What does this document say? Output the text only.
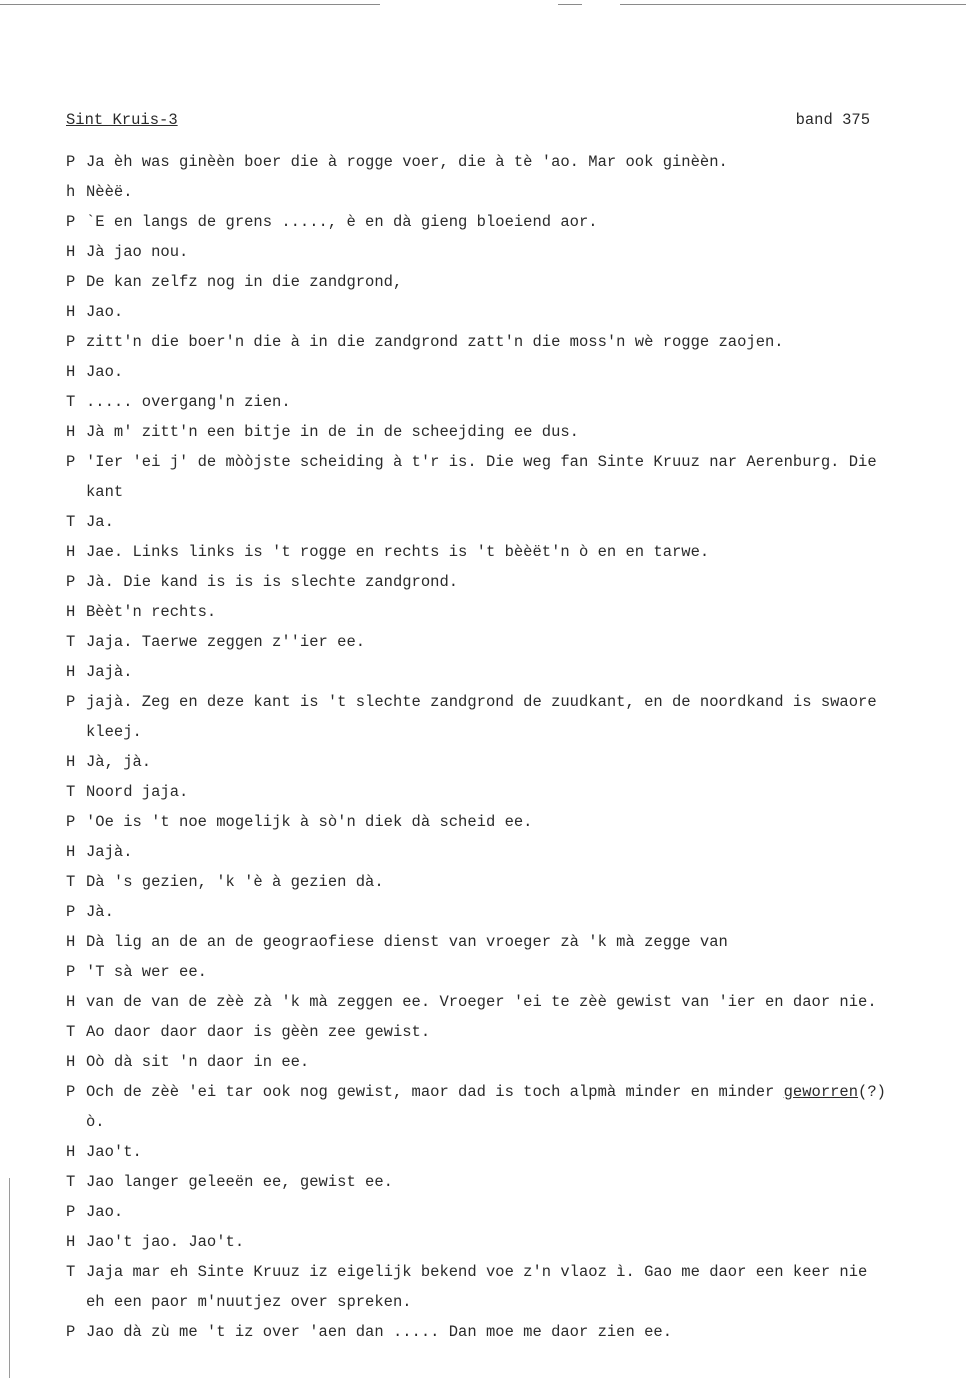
Sint Kruis-3	band 375
P Ja èh was ginèèn boer die à rogge voer, die à tè 'ao. Mar ook ginèèn.
h Nèèë.
P `E en langs de grens ....., è en dà gieng bloeiend aor.
H Jà jao nou.
P De kan zelfz nog in die zandgrond,
H Jao.
P zitt'n die boer'n die à in die zandgrond zatt'n die moss'n wè rogge zaojen.
H Jao.
T ..... overgang'n zien.
H Jà m' zitt'n een bitje in de in de scheejding ee dus.
P 'Ier 'ei j' de mòòjste scheiding à t'r is. Die weg fan Sinte Kruuz nar Aerenburg. Die
kant
T Ja.
H Jae. Links links is 't rogge en rechts is 't bèèët'n ò en en tarwe.
P Jà. Die kand is is is slechte zandgrond.
H Bèèt'n rechts.
T Jaja. Taerwe zeggen z''ier ee.
H Jajà.
P jajà. Zeg en deze kant is 't slechte zandgrond de zuudkant, en de noordkand is swaore
kleej.
H Jà, jà.
T Noord jaja.
P 'Oe is 't noe mogelijk à sò'n diek dà scheid ee.
H Jajà.
T Dà 's gezien, 'k 'è à gezien dà.
P Jà.
H Dà lig an de an de geograofiese dienst van vroeger zà 'k mà zegge van
P 'T sà wer ee.
H van de van de zèè zà 'k mà zeggen ee. Vroeger 'ei te zèè gewist van 'ier en daor nie.
T Ao daor daor daor is gèèn zee gewist.
H Oò dà sit 'n daor in ee.
P Och de zèè 'ei tar ook nog gewist, maor dad is toch alpmà minder en minder
geworren (?)
ò.
H Jao't.
T Jao langer geleeën ee, gewist ee.
P Jao.
H Jao't jao. Jao't.
T Jaja mar eh Sinte Kruuz iz eigelijk bekend voe z'n vlaoz ì. Gao me daor een keer nie
eh een paor m'nuutjez over spreken.
P Jao dà zù me 't iz over 'aen dan ..... Dan moe me daor zien ee.
